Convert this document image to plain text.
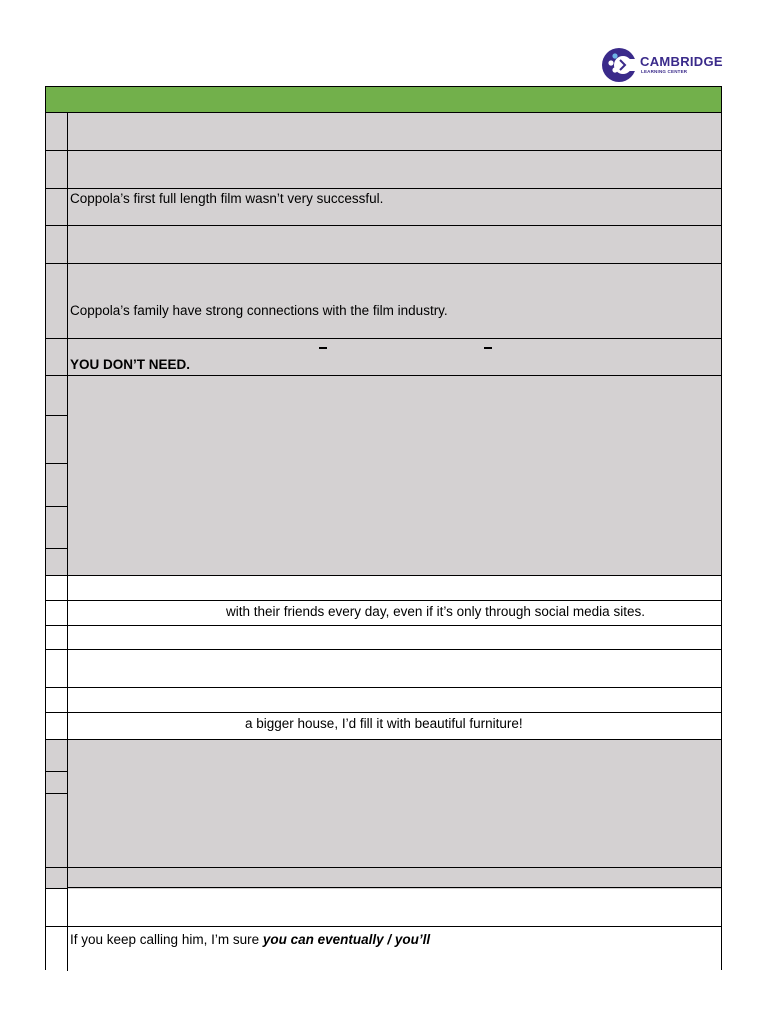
CAMBRIDGE
LEARNING CENTER
Coppola’s first full length film wasn’t very successful.
Coppola’s family have strong connections with the film industry.
YOU DON’T NEED.
with their friends every day, even if it’s only through social media sites.
a bigger house, I’d fill it with beautiful furniture!
If you keep calling him, I’m sure you can eventually / you’ll
